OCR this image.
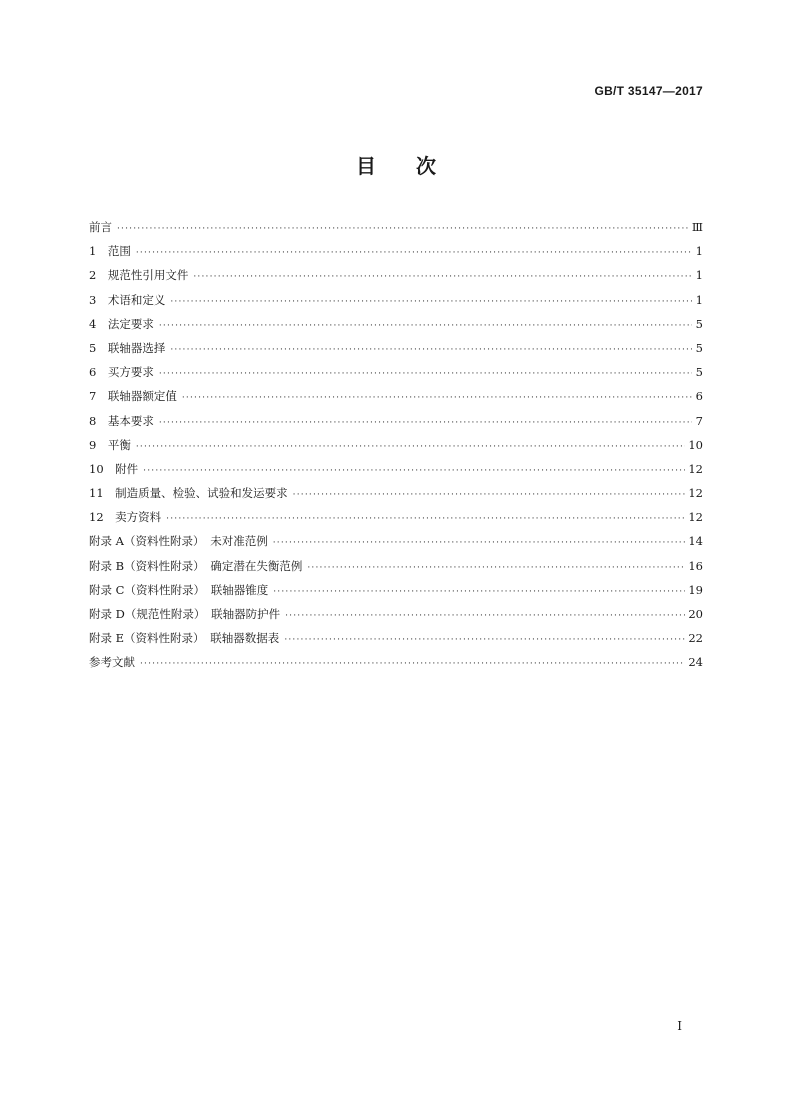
GB/T 35147—2017
目 次
前言 ·····	Ⅲ
1　范围 ·····	1
2　规范性引用文件 ·····	1
3　术语和定义 ·····	1
4　法定要求 ·····	5
5　联轴器选择 ·····	5
6　买方要求 ·····	5
7　联轴器额定值 ·····	6
8　基本要求 ·····	7
9　平衡 ·····	10
10　附件 ·····	12
11　制造质量、检验、试验和发运要求 ·····	12
12　卖方资料 ·····	12
附录 A（资料性附录）　未对准范例 ·····	14
附录 B（资料性附录）　确定潜在失衡范例 ·····	16
附录 C（资料性附录）　联轴器锥度 ·····	19
附录 D（规范性附录）　联轴器防护件 ·····	20
附录 E（资料性附录）　联轴器数据表 ·····	22
参考文献 ·····	24
I
